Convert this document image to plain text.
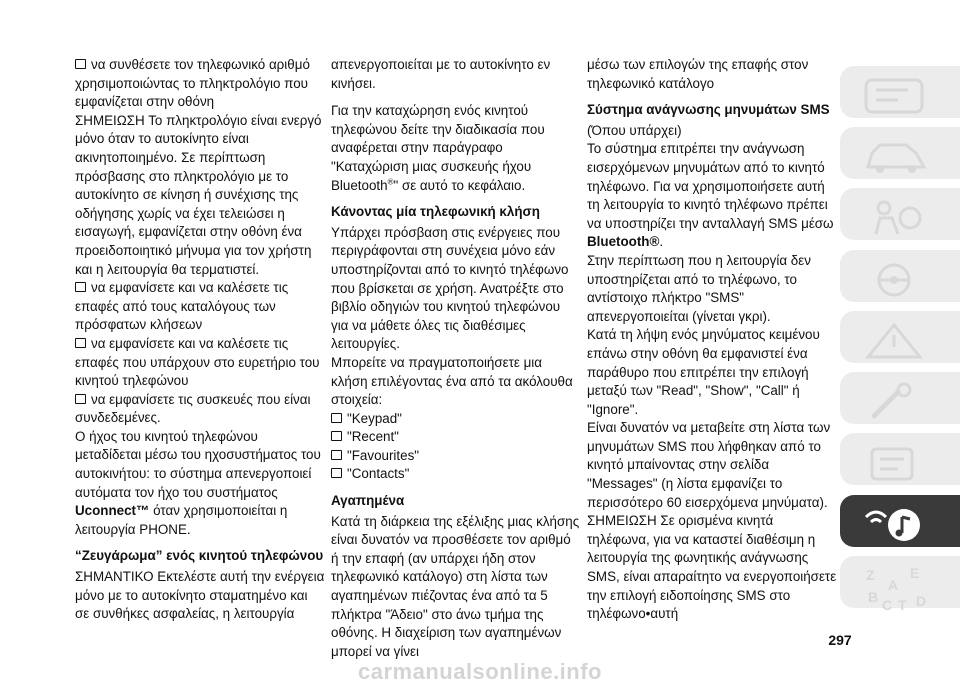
να συνθέσετε τον τηλεφωνικό αριθμό χρησιμοποιώντας το πληκτρολόγιο που εμφανίζεται στην οθόνη

ΣΗΜΕΙΩΣΗ Το πληκτρολόγιο είναι ενεργό μόνο όταν το αυτοκίνητο είναι ακινητοποιημένο. Σε περίπτωση πρόσβασης στο πληκτρολόγιο με το αυτοκίνητο σε κίνηση ή συνέχισης της οδήγησης χωρίς να έχει τελειώσει η εισαγωγή, εμφανίζεται στην οθόνη ένα προειδοποιητικό μήνυμα για τον χρήστη και η λειτουργία θα τερματιστεί.

να εμφανίσετε και να καλέσετε τις επαφές από τους καταλόγους των πρόσφατων κλήσεων

να εμφανίσετε και να καλέσετε τις επαφές που υπάρχουν στο ευρετήριο του κινητού τηλεφώνου

να εμφανίσετε τις συσκευές που είναι συνδεδεμένες.

Ο ήχος του κινητού τηλεφώνου μεταδίδεται μέσω του ηχοσυστήματος του αυτοκινήτου: το σύστημα απενεργοποιεί αυτόματα τον ήχο του συστήματος Uconnect™ όταν χρησιμοποιείται η λειτουργία PHONE.

“Ζευγάρωμα” ενός κινητού τηλεφώνου

ΣΗΜΑΝΤΙΚΟ Εκτελέστε αυτή την ενέργεια μόνο με το αυτοκίνητο σταματημένο και σε συνθήκες ασφαλείας, η λειτουργία

απενεργοποιείται με το αυτοκίνητο εν κινήσει.

Για την καταχώρηση ενός κινητού τηλεφώνου δείτε την διαδικασία που αναφέρεται στην παράγραφο "Καταχώριση μιας συσκευής ήχου Bluetooth®" σε αυτό το κεφάλαιο.

Κάνοντας μία τηλεφωνική κλήση

Υπάρχει πρόσβαση στις ενέργειες που περιγράφονται στη συνέχεια μόνο εάν υποστηρίζονται από το κινητό τηλέφωνο που βρίσκεται σε χρήση. Ανατρέξτε στο βιβλίο οδηγιών του κινητού τηλεφώνου για να μάθετε όλες τις διαθέσιμες λειτουργίες.

Μπορείτε να πραγματοποιήσετε μια κλήση επιλέγοντας ένα από τα ακόλουθα στοιχεία:

"Keypad"

"Recent"

"Favourites"

"Contacts"

Αγαπημένα

Κατά τη διάρκεια της εξέλιξης μιας κλήσης είναι δυνατόν να προσθέσετε τον αριθμό ή την επαφή (αν υπάρχει ήδη στον τηλεφωνικό κατάλογο) στη λίστα των αγαπημένων πιέζοντας ένα από τα 5 πλήκτρα "Άδειο" στο άνω τμήμα της οθόνης. Η διαχείριση των αγαπημένων μπορεί να γίνει

μέσω των επιλογών της επαφής στον τηλεφωνικό κατάλογο

Σύστημα ανάγνωσης μηνυμάτων SMS

(Όπου υπάρχει)

Το σύστημα επιτρέπει την ανάγνωση εισερχόμενων μηνυμάτων από το κινητό τηλέφωνο. Για να χρησιμοποιήσετε αυτή τη λειτουργία το κινητό τηλέφωνο πρέπει να υποστηρίζει την ανταλλαγή SMS μέσω Bluetooth®.

Στην περίπτωση που η λειτουργία δεν υποστηρίζεται από το τηλέφωνο, το αντίστοιχο πλήκτρο "SMS" απενεργοποιείται (γίνεται γκρι).

Κατά τη λήψη ενός μηνύματος κειμένου επάνω στην οθόνη θα εμφανιστεί ένα παράθυρο που επιτρέπει την επιλογή μεταξύ των "Read", "Show", "Call" ή "Ignore".

Είναι δυνατόν να μεταβείτε στη λίστα των μηνυμάτων SMS που λήφθηκαν από το κινητό μπαίνοντας στην σελίδα "Messages" (η λίστα εμφανίζει το περισσότερο 60 εισερχόμενα μηνύματα).

ΣΗΜΕΙΩΣΗ Σε ορισμένα κινητά τηλέφωνα, για να καταστεί διαθέσιμη η λειτουργία της φωνητικής ανάγνωσης SMS, είναι απαραίτητο να ενεργοποιήσετε την επιλογή ειδοποίησης SMS στο τηλέφωνο•αυτή

Z	E
A
B C T D
297
carmanualsonline.info
